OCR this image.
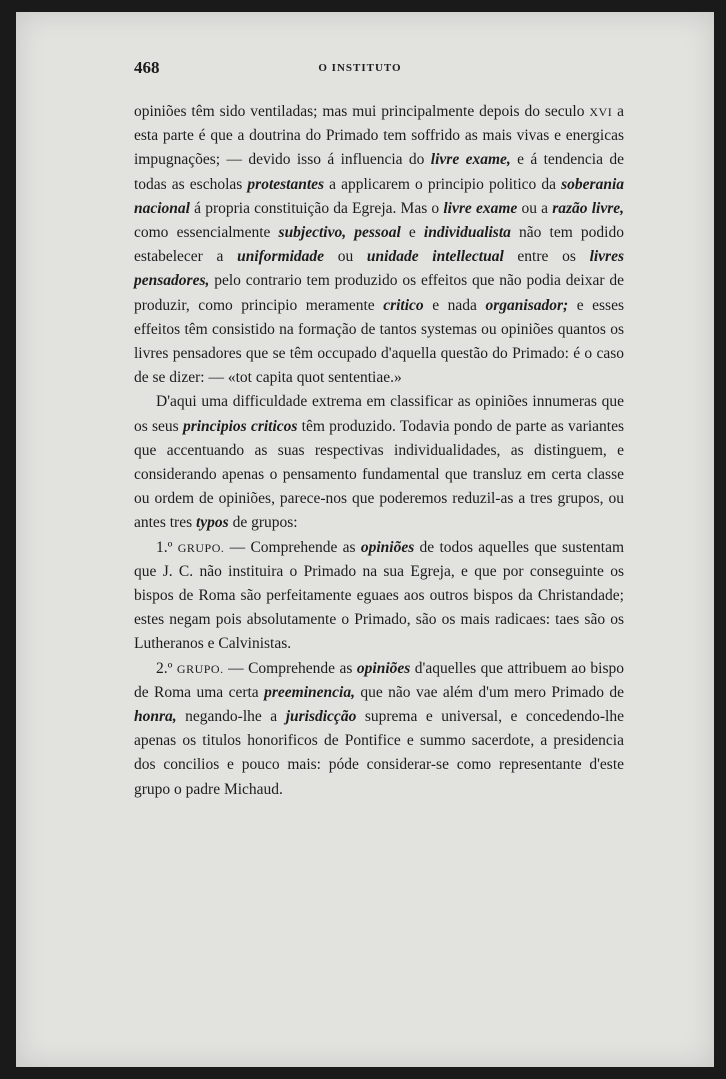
468	O INSTITUTO

opiniões têm sido ventiladas; mas mui principalmente depois do seculo XVI a esta parte é que a doutrina do Primado tem soffrido as mais vivas e energicas impugnações; — devido isso á influencia do livre exame, e á tendencia de todas as escholas protestantes a applicarem o principio politico da soberania nacional á propria constituição da Egreja. Mas o livre exame ou a razão livre, como essencialmente subjectivo, pessoal e individualista não tem podido estabelecer a uniformidade ou unidade intellectual entre os livres pensadores, pelo contrario tem produzido os effeitos que não podia deixar de produzir, como principio meramente critico e nada organisador; e esses effeitos têm consistido na formação de tantos systemas ou opiniões quantos os livres pensadores que se têm occupado d'aquella questão do Primado: é o caso de se dizer: — «tot capita quot sententiae.»

D'aqui uma difficuldade extrema em classificar as opiniões innumeras que os seus principios criticos têm produzido. Todavia pondo de parte as variantes que accentuando as suas respectivas individualidades, as distinguem, e considerando apenas o pensamento fundamental que transluz em certa classe ou ordem de opiniões, parece-nos que poderemos reduzil-as a tres grupos, ou antes tres typos de grupos:

1.º GRUPO. — Comprehende as opiniões de todos aquelles que sustentam que J. C. não instituira o Primado na sua Egreja, e que por conseguinte os bispos de Roma são perfeitamente eguaes aos outros bispos da Christandade; estes negam pois absolutamente o Primado, são os mais radicaes: taes são os Lutheranos e Calvinistas.

2.º GRUPO. — Comprehende as opiniões d'aquelles que attribuem ao bispo de Roma uma certa preeminencia, que não vae além d'um mero Primado de honra, negando-lhe a jurisdicção suprema e universal, e concedendo-lhe apenas os titulos honorificos de Pontifice e summo sacerdote, a presidencia dos concilios e pouco mais: póde considerar-se como representante d'este grupo o padre Michaud.
